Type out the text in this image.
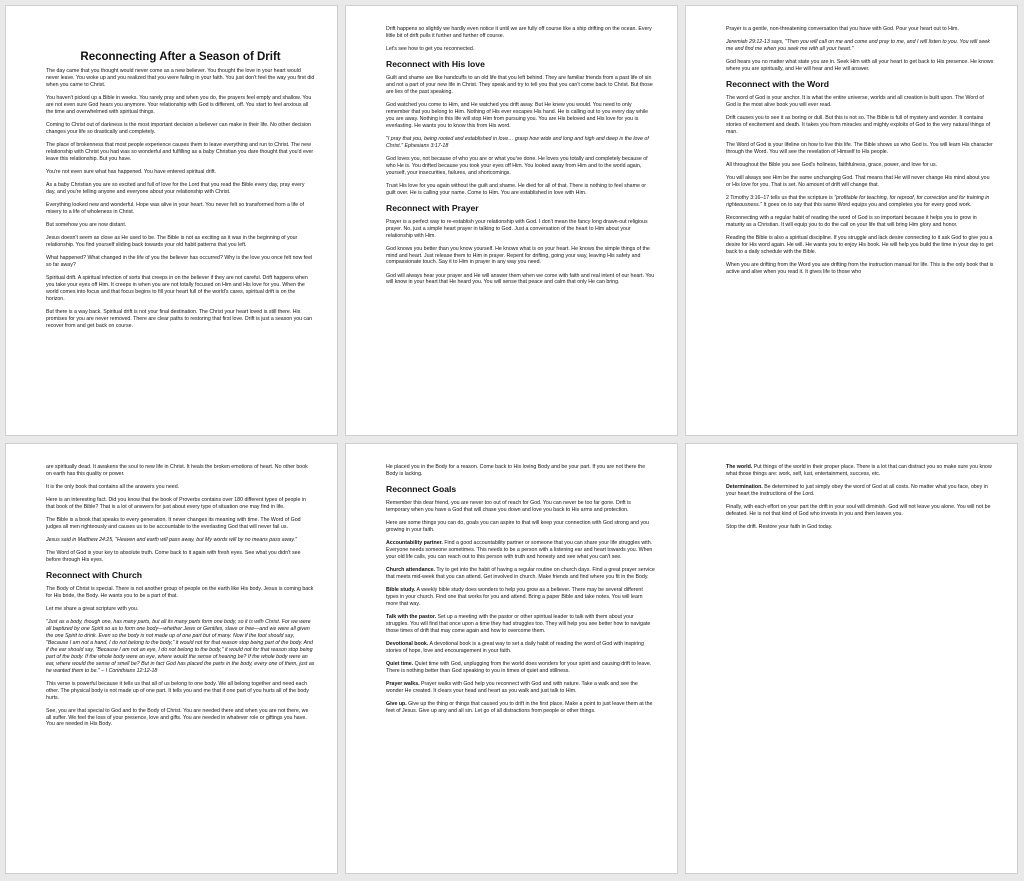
Reconnecting After a Season of Drift

The day came that you thought would never come as a new believer. You thought the love in your heart would never leave. You woke up and you realized that you were failing in your faith. You just don't feel the way you first did when you came to Christ.

You haven't picked up a Bible in weeks. You rarely pray and when you do, the prayers feel empty and shallow. You are not even sure God hears you anymore. Your relationship with God is different, off. You start to feel anxious all the time and overwhelmed with spiritual things.

Coming to Christ out of darkness is the most important decision a believer can make in their life. No other decision changes your life so drastically and completely.

The place of brokenness that most people experience causes them to leave everything and run to Christ. The new relationship with Christ you had was so wonderful and fulfilling as a baby Christian you dare thought that you'd ever leave this relationship. But you have.

You're not even sure what has happened. You have entered spiritual drift.

As a baby Christian you are so excited and full of love for the Lord that you read the Bible every day, pray every day, and you're telling anyone and everyone about your relationship with Christ.

Everything looked new and wonderful. Hope was alive in your heart. You never felt so transformed from a life of misery to a life of wholeness in Christ.

But somehow you are now distant.

Jesus doesn't seem as close as He used to be. The Bible is not as exciting as it was in the beginning of your relationship. You find yourself sliding back towards your old habit patterns that you left.

What happened? What changed in the life of you the believer has occurred? Why is the love you once felt now feel so far away?

Spiritual drift. A spiritual infection of sorts that creeps in on the believer if they are not careful. Drift happens when you take your eyes off Him. It creeps in when you are not totally focused on Him and His love for you. When the world comes into focus and that focus begins to fill your heart full of the world's cares, spiritual drift is on the horizon.

But there is a way back. Spiritual drift is not your final destination. The Christ your heart loved is still there. His promises for you are never removed. There are clear paths to restoring that first love. Drift is just a season you can recover from and get back on course.

Drift happens so slightly we hardly even notice it until we are fully off course like a ship drifting on the ocean. Every little bit of drift pulls it further and further off course.

Let's see how to get you reconnected.

Reconnect with His love

Guilt and shame are like handcuffs to an old life that you left behind. They are familiar friends from a past life of sin and not a part of your new life in Christ. They speak and try to tell you that you can't come back to Christ. But those are lies of the past speaking.

God watched you come to Him, and He watched you drift away. But He knew you would. You need to only remember that you belong to Him. Nothing of His ever escapes His hand. He is calling out to you every day while you are away. Nothing in this life will stop Him from pursuing you. You are His beloved and His love for you is everlasting. He wants you to know this from His word.

"I pray that you, being rooted and established in love… grasp how wide and long and high and deep is the love of Christ." Ephesians 3:17-18

God loves you, not because of who you are or what you've done. He loves you totally and completely because of who He is. You drifted because you took your eyes off Him. You looked away from Him and to the world again, yourself, your insecurities, failures, and shortcomings.

Trust His love for you again without the guilt and shame. He died for all of that. There is nothing to feel shame or guilt over. He is calling your name. Come to Him. You are established in love with Him.

Reconnect with Prayer

Prayer is a perfect way to re-establish your relationship with God. I don't mean the fancy long drawn-out religious prayer. No, just a simple heart prayer in talking to God. Just a conversation of the heart to Him about your relationship with Him.

God knows you better than you know yourself. He knows what is on your heart. He knows the simple things of the mind and heart. Just release them to Him in prayer. Repent for drifting, going your way, leaving His safety and compassionate touch. Say it to Him in prayer in any way you need.

God will always hear your prayer and He will answer them when we come with faith and real intent of our heart. You will know in your heart that He heard you. You will sense that peace and calm that only He can bring.

Prayer is a gentle, non-threatening conversation that you have with God. Pour your heart out to Him.

Jeremiah 29:12-13 says, "Then you will call on me and come and pray to me, and I will listen to you. You will seek me and find me when you seek me with all your heart."

God hears you no matter what state you are in. Seek Him with all your heart to get back to His presence. He knows where you are spiritually, and He will hear and He will answer.

Reconnect with the Word

The word of God is your anchor. It is what the entire universe, worlds and all creation is built upon. The Word of God is the most alive book you will ever read.

Drift causes you to see it as boring or dull. But this is not so. The Bible is full of mystery and wonder. It contains stories of excitement and death. It takes you from miracles and mighty exploits of God to the very natural things of man.

The Word of God is your lifeline on how to live this life. The Bible shows us who God is. You will learn His character through the Word. You will see the revelation of Himself to His people.

All throughout the Bible you see God's holiness, faithfulness, grace, power, and love for us.

You will always see Him be the same unchanging God. That means that He will never change His mind about you or His love for you. That is set. No amount of drift will change that.

2 Timothy 3:16–17 tells us that the scripture is "profitable for teaching, for reproof, for correction and for training in righteousness." It goes on to say that this same Word equips you and completes you for every good work.

Reconnecting with a regular habit of reading the word of God is so important because it helps you to grow in maturity as a Christian. It will equip you to do the call on your life that will bring Him glory and honor.

Reading the Bible is also a spiritual discipline. If you struggle and lack desire connecting to it ask God to give you a desire for His word again. He will. He wants you to enjoy His book. He will help you build the time in your day to get back to a daily schedule with the Bible.

When you are drifting from the Word you are drifting from the instruction manual for life. This is the only book that is active and alive when you read it. It gives life to those who

are spiritually dead. It awakens the soul to new life in Christ. It heals the broken emotions of heart. No other book on earth has this quality or power.

It is the only book that contains all the answers you need.

Here is an interesting fact. Did you know that the book of Proverbs contains over 180 different types of people in that book of the Bible? That is a lot of answers for just about every type of situation one may find in life.

The Bible is a book that speaks to every generation. It never changes its meaning with time. The Word of God judges all men righteously and causes us to be accountable to the everlasting God that will never fail us.

Jesus said in Matthew 24:25, "Heaven and earth will pass away, but My words will by no means pass away."

The Word of God is your key to absolute truth. Come back to it again with fresh eyes. See what you didn't see before through His eyes.

Reconnect with Church

The Body of Christ is special. There is not another group of people on the earth like His body. Jesus is coming back for His bride, the Body. He wants you to be a part of that.

Let me share a great scripture with you.

"Just as a body, though one, has many parts, but all its many parts form one body, so it is with Christ. For we were all baptized by one Spirit so as to form one body—whether Jews or Gentiles, slave or free—and we were all given the one Spirit to drink. Even so the body is not made up of one part but of many. Now if the foot should say, "Because I am not a hand, I do not belong to the body," it would not for that reason stop being part of the body. And if the ear should say, "Because I am not an eye, I do not belong to the body," it would not for that reason stop being part of the body. If the whole body were an eye, where would the sense of hearing be? If the whole body were an ear, where would the sense of smell be? But in fact God has placed the parts in the body, every one of them, just as he wanted them to be." – I Corinthians 12:12-18

This verse is powerful because it tells us that all of us belong to one body. We all belong together and need each other. The physical body is not made up of one part. It tells you and me that if one part of you hurts all of the body hurts.

See, you are that special to God and to the Body of Christ. You are needed there and when you are not there, we all suffer. We feel the loss of your presence, love and gifts. You are needed in whatever role or giftings you have. You are needed in His Body.

He placed you in the Body for a reason. Come back to His loving Body and be your part. If you are not there the Body is lacking.

Reconnect Goals

Remember this dear friend, you are never too out of reach for God. You can never be too far gone. Drift is temporary when you have a God that will chase you down and love you back to His arms and protection.

Here are some things you can do, goals you can aspire to that will keep your connection with God strong and you growing in your faith.

Accountability partner. Find a good accountability partner or someone that you can share your life struggles with. Everyone needs someone sometimes. This needs to be a person with a listening ear and heart towards you. When your old life calls, you can reach out to this person with truth and honesty and see what you can't see.

Church attendance. Try to get into the habit of having a regular routine on church days. Find a great prayer service that meets mid-week that you can attend. Get involved in church. Make friends and find where you fit in the Body.

Bible study. A weekly bible study does wonders to help you grow as a believer. There may be several different types in your church. Find one that works for you and attend. Bring a paper Bible and take notes. You will learn more that way.

Talk with the pastor. Set up a meeting with the pastor or other spiritual leader to talk with them about your struggles. You will find that once upon a time they had struggles too. They will help you see better how to navigate those times of drift that may come again and how to overcome them.

Devotional book. A devotional book is a great way to set a daily habit of reading the word of God with inspiring stories of hope, love and encouragement in your faith.

Quiet time. Quiet time with God, unplugging from the world does wonders for your spirit and causing drift to leave. There is nothing better than God speaking to you in times of quiet and stillness.

Prayer walks. Prayer walks with God help you reconnect with God and with nature. Take a walk and see the wonder He created. It clears your head and heart as you walk and just talk to Him.

Give up. Give up the thing or things that caused you to drift in the first place. Make a point to just leave them at the feet of Jesus. Give up any and all sin. Let go of all distractions from people or other things.

The world. Put things of the world in their proper place. There is a lot that can distract you so make sure you know what those things are: work, self, lust, entertainment, success, etc.

Determination. Be determined to just simply obey the word of God at all costs. No matter what you face, obey in your heart the instructions of the Lord.

Finally, with each effort on your part the drift in your soul will diminish. God will not leave you alone. You will not be defeated. He is not that kind of God who invests in you and then leaves you.

Stop the drift. Restore your faith in God today.
